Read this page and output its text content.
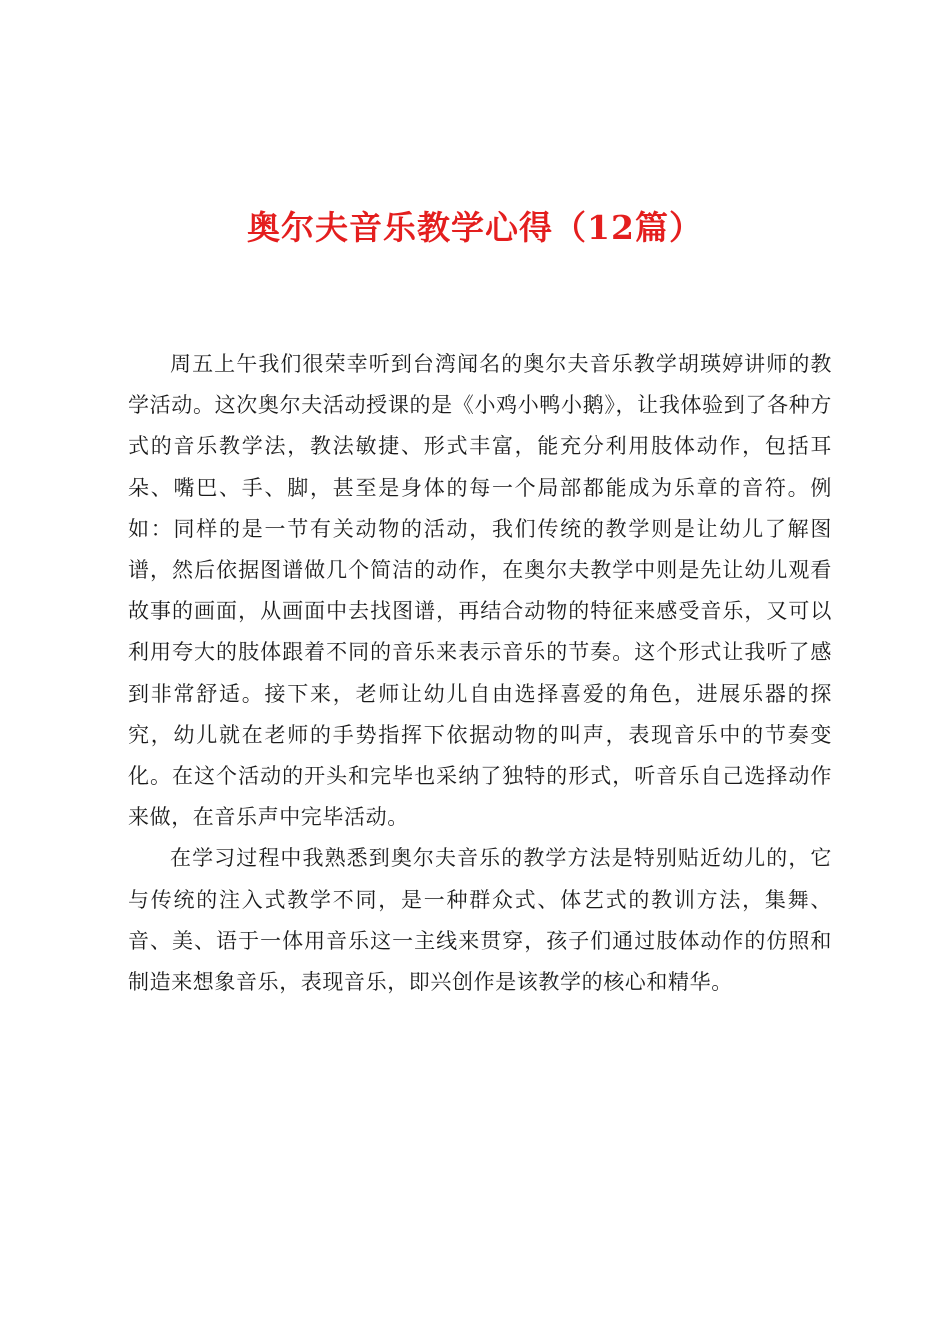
奥尔夫音乐教学心得（12篇）

周五上午我们很荣幸听到台湾闻名的奥尔夫音乐教学胡瑛婷讲师的教学活动。这次奥尔夫活动授课的是《小鸡小鸭小鹅》，让我体验到了各种方式的音乐教学法，教法敏捷、形式丰富，能充分利用肢体动作，包括耳朵、嘴巴、手、脚，甚至是身体的每一个局部都能成为乐章的音符。例如：同样的是一节有关动物的活动，我们传统的教学则是让幼儿了解图谱，然后依据图谱做几个简洁的动作，在奥尔夫教学中则是先让幼儿观看故事的画面，从画面中去找图谱，再结合动物的特征来感受音乐，又可以利用夸大的肢体跟着不同的音乐来表示音乐的节奏。这个形式让我听了感到非常舒适。接下来，老师让幼儿自由选择喜爱的角色，进展乐器的探究，幼儿就在老师的手势指挥下依据动物的叫声，表现音乐中的节奏变化。在这个活动的开头和完毕也采纳了独特的形式，听音乐自己选择动作来做，在音乐声中完毕活动。

在学习过程中我熟悉到奥尔夫音乐的教学方法是特别贴近幼儿的，它与传统的注入式教学不同，是一种群众式、体艺式的教训方法，集舞、音、美、语于一体用音乐这一主线来贯穿，孩子们通过肢体动作的仿照和制造来想象音乐，表现音乐，即兴创作是该教学的核心和精华。
